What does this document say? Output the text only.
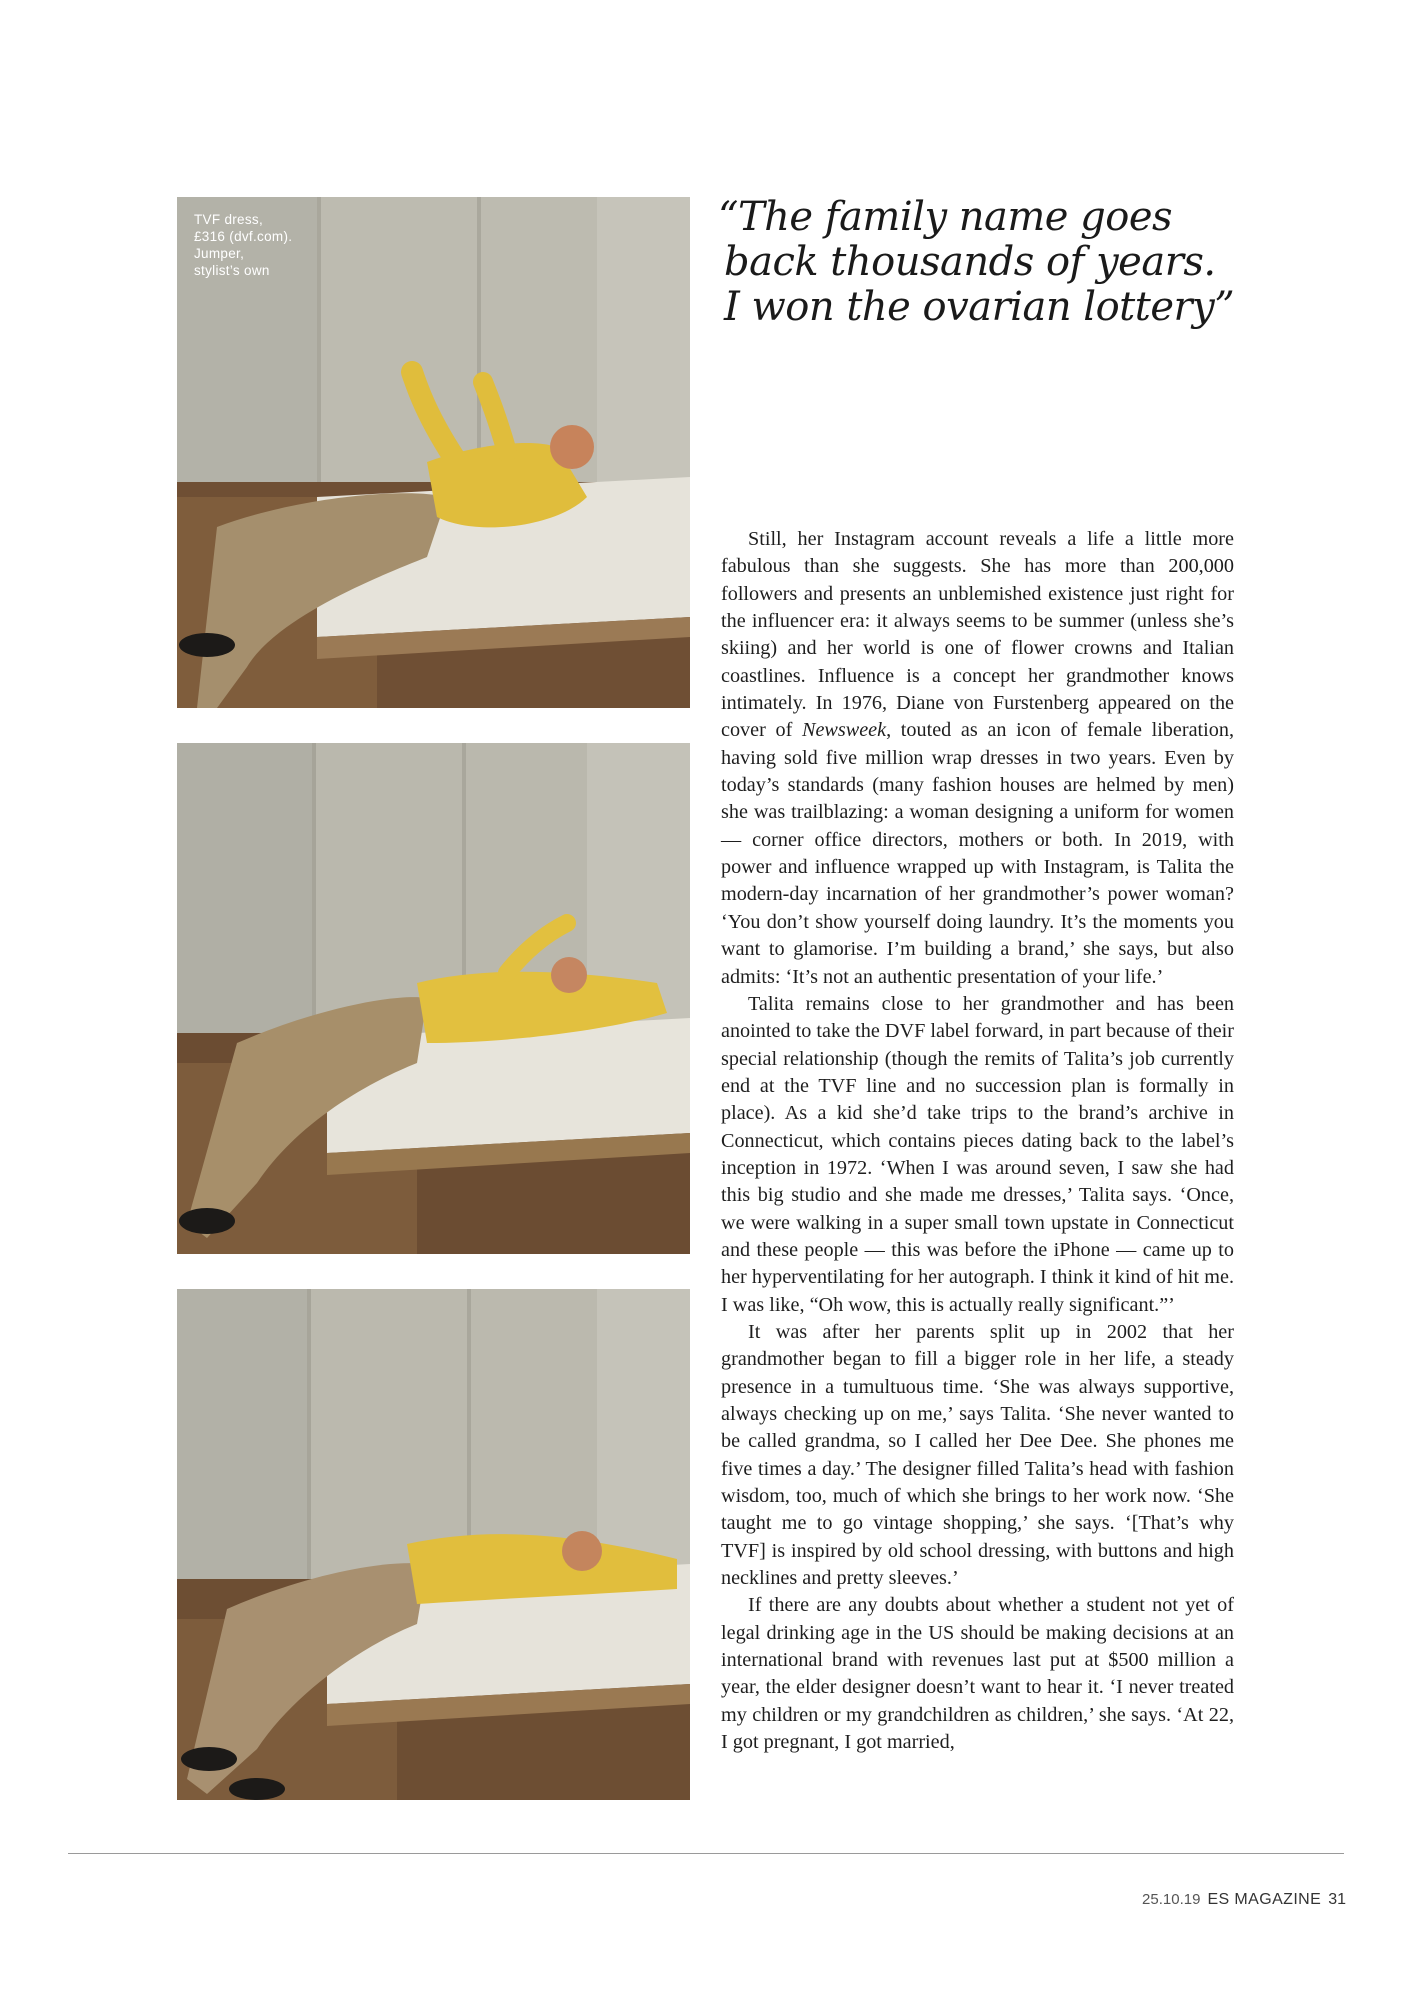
TVF dress,
£316 (dvf.com).
Jumper,
stylist’s own
“The family name goes
back thousands of years.
I won the ovarian lottery”

Still, her Instagram account reveals a life a little more fabulous than she suggests. She has more than 200,000 followers and presents an unblemished existence just right for the influencer era: it always seems to be summer (unless she’s skiing) and her world is one of flower crowns and Italian coastlines. Influence is a concept her grandmother knows intimately. In 1976, Diane von Furstenberg appeared on the cover of Newsweek, touted as an icon of female liberation, having sold five million wrap dresses in two years. Even by today’s standards (many fashion houses are helmed by men) she was trailblazing: a woman designing a uniform for women — corner office directors, mothers or both. In 2019, with power and influence wrapped up with Instagram, is Talita the modern-day incarnation of her grandmother’s power woman? ‘You don’t show yourself doing laundry. It’s the moments you want to glamorise. I’m building a brand,’ she says, but also admits: ‘It’s not an authentic presentation of your life.’

Talita remains close to her grandmother and has been anointed to take the DVF label forward, in part because of their special relationship (though the remits of Talita’s job currently end at the TVF line and no succession plan is formally in place). As a kid she’d take trips to the brand’s archive in Connecticut, which contains pieces dating back to the label’s inception in 1972. ‘When I was around seven, I saw she had this big studio and she made me dresses,’ Talita says. ‘Once, we were walking in a super small town upstate in Connecticut and these people — this was before the iPhone — came up to her hyperventilating for her autograph. I think it kind of hit me. I was like, “Oh wow, this is actually really significant.”’

It was after her parents split up in 2002 that her grandmother began to fill a bigger role in her life, a steady presence in a tumultuous time. ‘She was always supportive, always checking up on me,’ says Talita. ‘She never wanted to be called grandma, so I called her Dee Dee. She phones me five times a day.’ The designer filled Talita’s head with fashion wisdom, too, much of which she brings to her work now. ‘She taught me to go vintage shopping,’ she says. ‘[That’s why TVF] is inspired by old school dressing, with buttons and high necklines and pretty sleeves.’

If there are any doubts about whether a student not yet of legal drinking age in the US should be making decisions at an international brand with revenues last put at $500 million a year, the elder designer doesn’t want to hear it. ‘I never treated my children or my grandchildren as children,’ she says. ‘At 22, I got pregnant, I got married,

25.10.19 ES MAGAZINE 31
